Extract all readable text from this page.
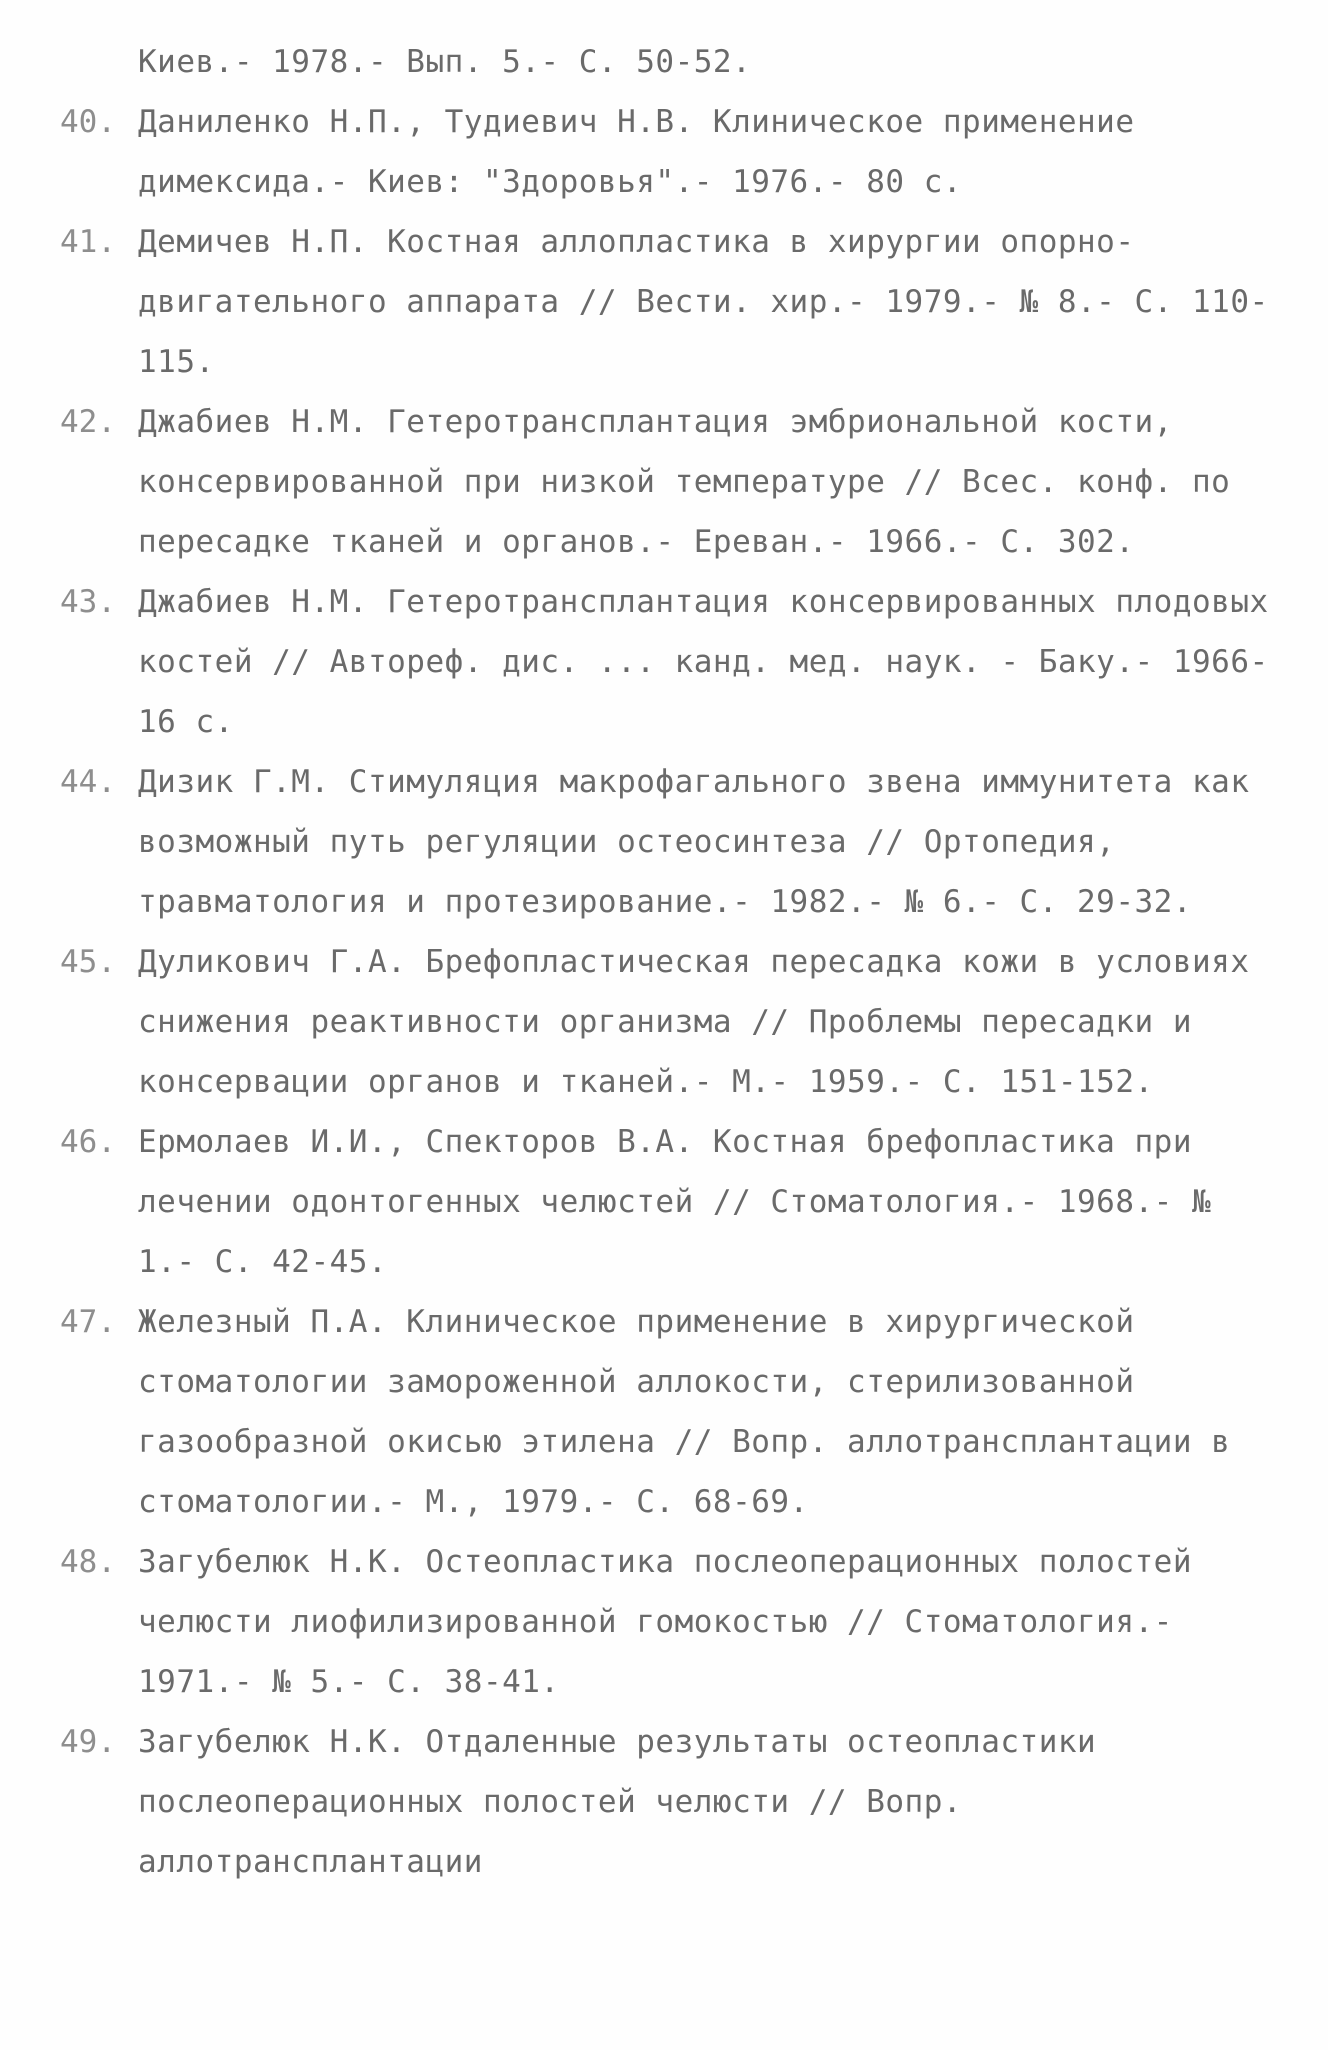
Киев.- 1978.- Вып. 5.- С. 50-52.
40. Даниленко Н.П., Тудиевич Н.В. Клиническое применение димекcида.- Киев: "Здоровья".- 1976.- 80 с.
41. Демичев Н.П. Костная аллопластика в хирургии опорно-двигательного аппарата // Вести. хир.- 1979.- № 8.- С. 110-115.
42. Джабиев Н.М. Гетеротрансплантация эмбриональной кости, консервированной при низкой температуре // Всес. конф. по пересадке тканей и органов.- Ереван.- 1966.- С. 302.
43. Джабиев Н.М. Гетеротрансплантация консервированных плодовых костей // Автореф. дис. ... канд. мед. наук. - Баку.- 1966-16 с.
44. Дизик Г.М. Стимуляция макрофагального звена иммунитета как возможный путь регуляции остеосинтеза // Ортопедия, травматология и протезирование.- 1982.- № 6.- С. 29-32.
45. Дуликович Г.А. Брефопластическая пересадка кожи в условиях снижения реактивности организма // Проблемы пересадки и консервации органов и тканей.- М.- 1959.- С. 151-152.
46. Ермолаев И.И., Спекторов В.А. Костная брефопластика при лечении одонтогенных челюстей // Стоматология.- 1968.- № 1.- С. 42-45.
47. Железный П.А. Клиническое применение в хирургической стоматологии замороженной аллокости, стерилизованной газообразной окисью этилена // Вопр. аллотрансплантации в стоматологии.- М., 1979.- С. 68-69.
48. Загубелюк Н.К. Остеопластика послеоперационных полостей челюсти лиофилизированной гомокостью // Стоматология.- 1971.- № 5.- С. 38-41.
49. Загубелюк Н.К. Отдаленные результаты остеопластики послеоперационных полостей челюсти // Вопр. аллотрансплантации
